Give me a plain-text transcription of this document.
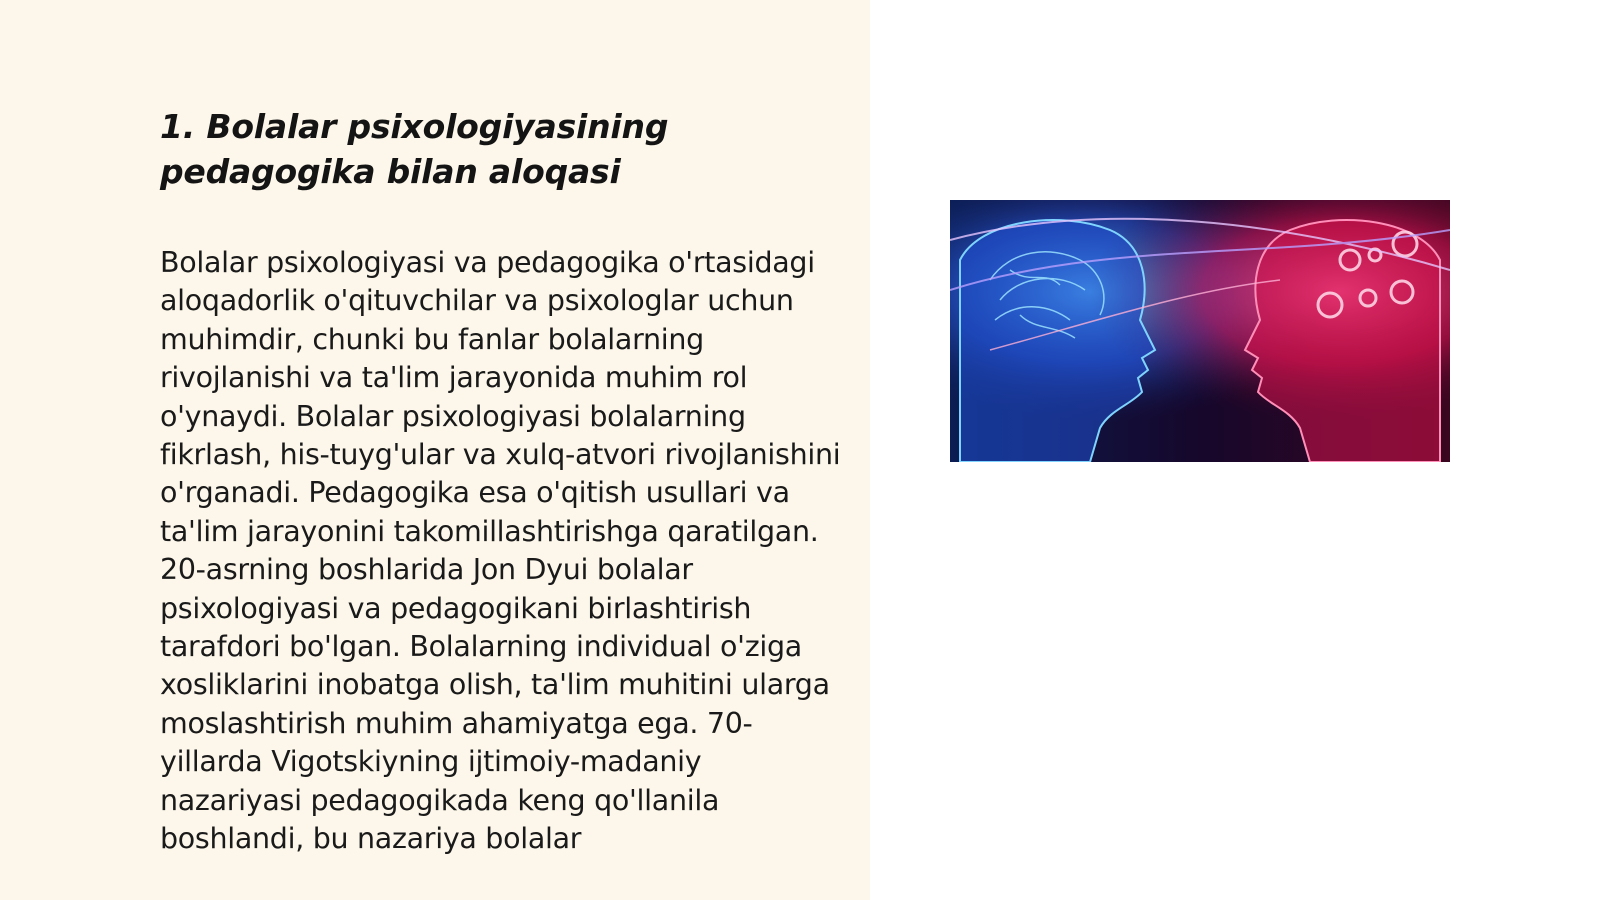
1. Bolalar psixologiyasining pedagogika bilan aloqasi

Bolalar psixologiyasi va pedagogika o'rtasidagi aloqadorlik o'qituvchilar va psixologlar uchun muhimdir, chunki bu fanlar bolalarning rivojlanishi va ta'lim jarayonida muhim rol o'ynaydi. Bolalar psixologiyasi bolalarning fikrlash, his-tuyg'ular va xulq-atvori rivojlanishini o'rganadi. Pedagogika esa o'qitish usullari va ta'lim jarayonini takomillashtirishga qaratilgan. 20-asrning boshlarida Jon Dyui bolalar psixologiyasi va pedagogikani birlashtirish tarafdori bo'lgan. Bolalarning individual o'ziga xosliklarini inobatga olish, ta'lim muhitini ularga moslashtirish muhim ahamiyatga ega. 70-yillarda Vigotskiyning ijtimoiy-madaniy nazariyasi pedagogikada keng qo'llanila boshlandi, bu nazariya bolalar
